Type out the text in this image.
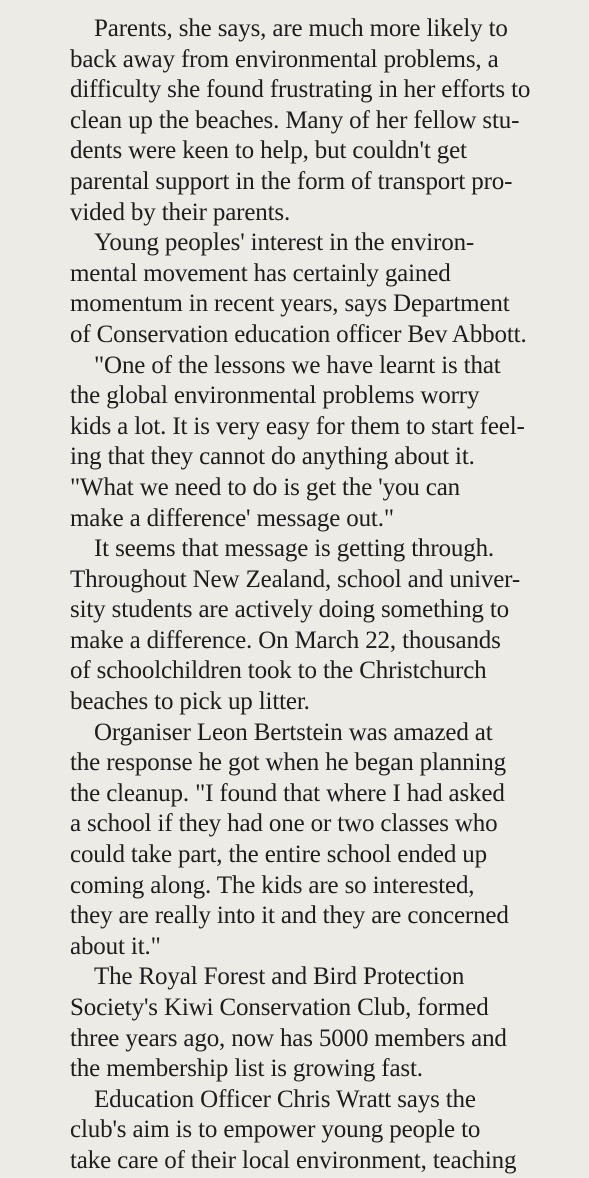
Parents, she says, are much more likely to
back away from environmental problems, a
difficulty she found frustrating in her efforts to
clean up the beaches. Many of her fellow stu-
dents were keen to help, but couldn't get
parental support in the form of transport pro-
vided by their parents.

Young peoples' interest in the environ-
mental movement has certainly gained
momentum in recent years, says Department
of Conservation education officer Bev Abbott.

"One of the lessons we have learnt is that
the global environmental problems worry
kids a lot. It is very easy for them to start feel-
ing that they cannot do anything about it.
"What we need to do is get the 'you can
make a difference' message out."

It seems that message is getting through.
Throughout New Zealand, school and univer-
sity students are actively doing something to
make a difference. On March 22, thousands
of schoolchildren took to the Christchurch
beaches to pick up litter.

Organiser Leon Bertstein was amazed at
the response he got when he began planning
the cleanup. "I found that where I had asked
a school if they had one or two classes who
could take part, the entire school ended up
coming along. The kids are so interested,
they are really into it and they are concerned
about it."

The Royal Forest and Bird Protection
Society's Kiwi Conservation Club, formed
three years ago, now has 5000 members and
the membership list is growing fast.

Education Officer Chris Wratt says the
club's aim is to empower young people to
take care of their local environment, teaching
